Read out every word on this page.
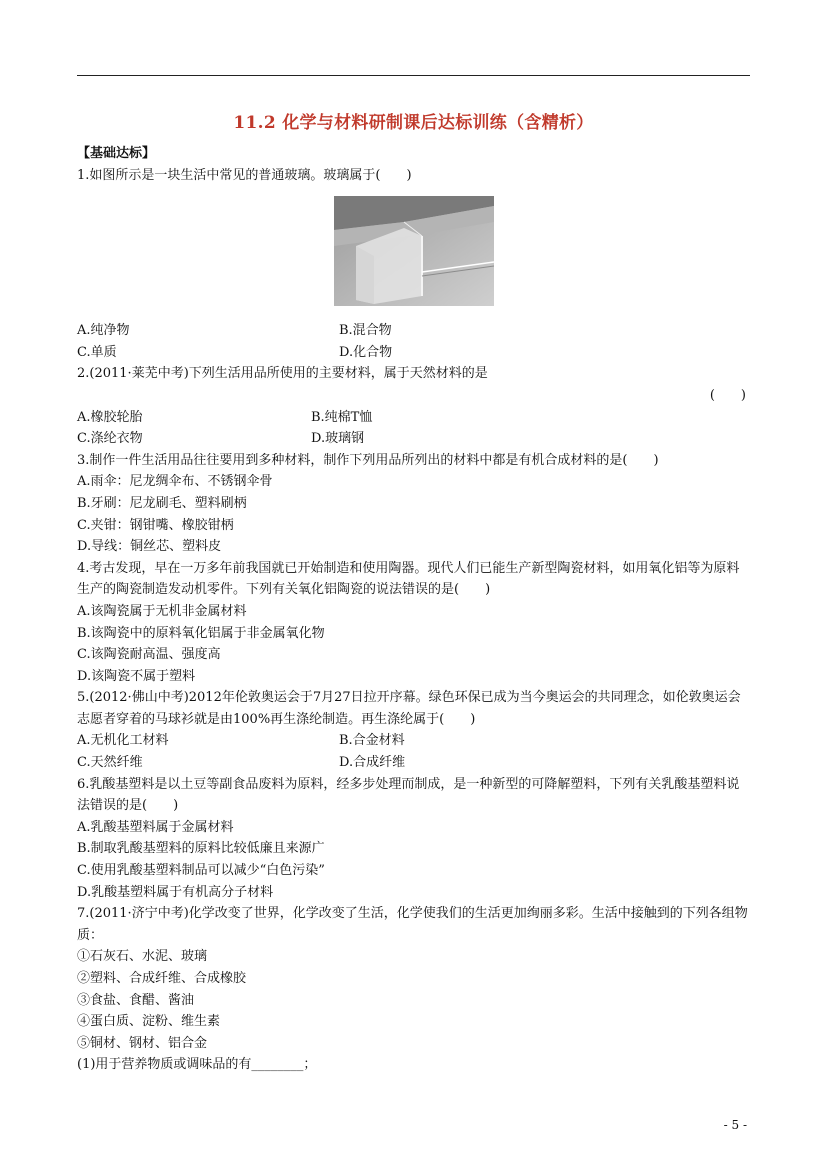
11.2 化学与材料研制课后达标训练（含精析）
【基础达标】
1.如图所示是一块生活中常见的普通玻璃。玻璃属于(　　)
A.纯净物	B.混合物
C.单质	D.化合物
2.(2011·莱芜中考)下列生活用品所使用的主要材料，属于天然材料的是
(　　)
A.橡胶轮胎	B.纯棉T恤
C.涤纶衣物	D.玻璃钢
3.制作一件生活用品往往要用到多种材料，制作下列用品所列出的材料中都是有机合成材料的是(　　)
A.雨伞：尼龙绸伞布、不锈钢伞骨
B.牙刷：尼龙刷毛、塑料刷柄
C.夹钳：钢钳嘴、橡胶钳柄
D.导线：铜丝芯、塑料皮
4.考古发现，早在一万多年前我国就已开始制造和使用陶器。现代人们已能生产新型陶瓷材料，如用氧化铝等为原料生产的陶瓷制造发动机零件。下列有关氧化铝陶瓷的说法错误的是(　　)
A.该陶瓷属于无机非金属材料
B.该陶瓷中的原料氧化铝属于非金属氧化物
C.该陶瓷耐高温、强度高
D.该陶瓷不属于塑料
5.(2012·佛山中考)2012年伦敦奥运会于7月27日拉开序幕。绿色环保已成为当今奥运会的共同理念，如伦敦奥运会志愿者穿着的马球衫就是由100%再生涤纶制造。再生涤纶属于(　　)
A.无机化工材料	B.合金材料
C.天然纤维	D.合成纤维
6.乳酸基塑料是以土豆等副食品废料为原料，经多步处理而制成，是一种新型的可降解塑料，下列有关乳酸基塑料说法错误的是(　　)
A.乳酸基塑料属于金属材料
B.制取乳酸基塑料的原料比较低廉且来源广
C.使用乳酸基塑料制品可以减少“白色污染”
D.乳酸基塑料属于有机高分子材料
7.(2011·济宁中考)化学改变了世界，化学改变了生活，化学使我们的生活更加绚丽多彩。生活中接触到的下列各组物质：
①石灰石、水泥、玻璃
②塑料、合成纤维、合成橡胶
③食盐、食醋、酱油
④蛋白质、淀粉、维生素
⑤铜材、钢材、铝合金
(1)用于营养物质或调味品的有________；
- 5 -
